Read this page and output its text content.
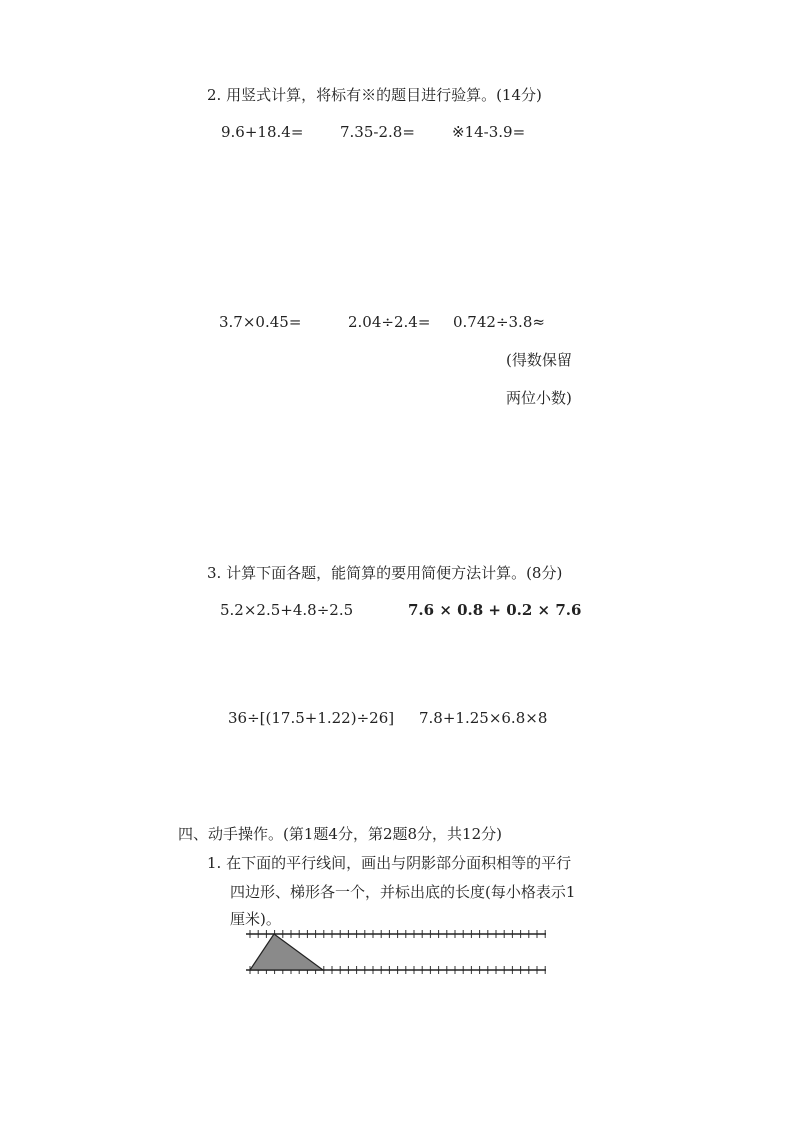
2. 用竖式计算，将标有※的题目进行验算。(14分)
9.6+18.4= 7.35-2.8= ※14-3.9=
3.7×0.45=	2.04÷2.4= 0.742÷3.8≈
(得数保留
两位小数)
3. 计算下面各题，能简算的要用简便方法计算。(8分)
5.2×2.5+4.8÷2.5	7.6 × 0.8 + 0.2 × 7.6
36÷[(17.5+1.22)÷26] 7.8+1.25×6.8×8
四、动手操作。(第1题4分，第2题8分，共12分)
1. 在下面的平行线间，画出与阴影部分面积相等的平行
四边形、梯形各一个，并标出底的长度(每小格表示1
厘米)。
